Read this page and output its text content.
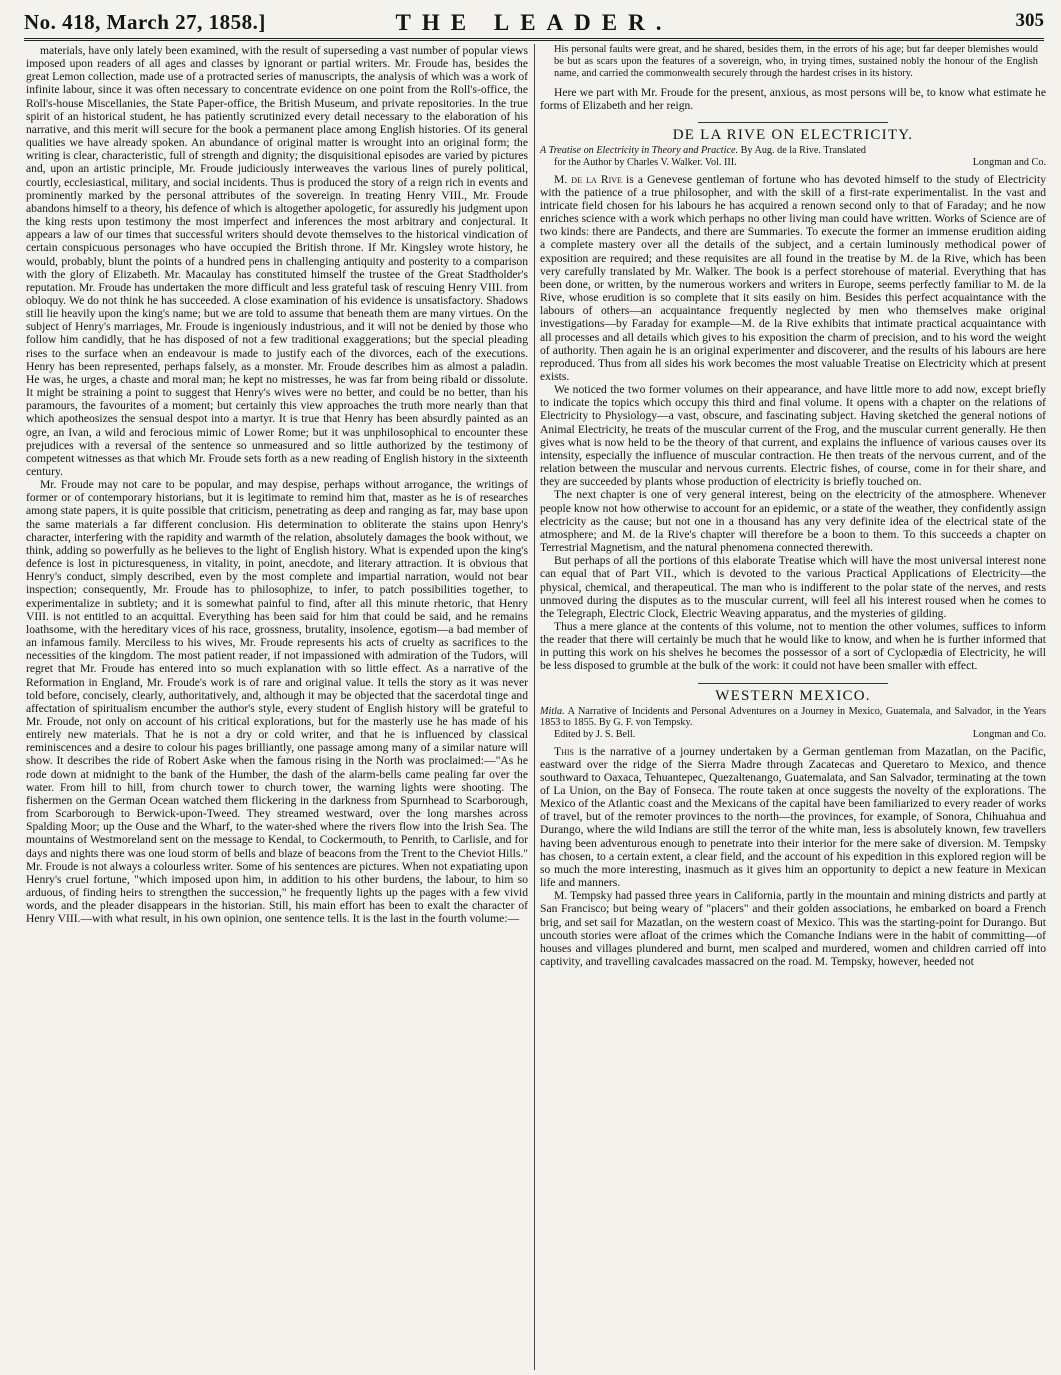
No. 418, March 27, 1858.]	THE LEADER.	305

materials, have only lately been examined, with the result of superseding a vast number of popular views imposed upon readers of all ages and classes by ignorant or partial writers. Mr. Froude has, besides the great Lemon collection, made use of a protracted series of manuscripts, the analysis of which was a work of infinite labour, since it was often necessary to concentrate evidence on one point from the Roll's-office, the Roll's-house Miscellanies, the State Paper-office, the British Museum, and private repositories. In the true spirit of an historical student, he has patiently scrutinized every detail necessary to the elaboration of his narrative, and this merit will secure for the book a permanent place among English histories. Of its general qualities we have already spoken. An abundance of original matter is wrought into an original form; the writing is clear, characteristic, full of strength and dignity; the disquisitional episodes are varied by pictures and, upon an artistic principle, Mr. Froude judiciously interweaves the various lines of purely political, courtly, ecclesiastical, military, and social incidents. Thus is produced the story of a reign rich in events and prominently marked by the personal attributes of the sovereign. In treating Henry VIII., Mr. Froude abandons himself to a theory, his defence of which is altogether apologetic, for assuredly his judgment upon the king rests upon testimony the most imperfect and inferences the most arbitrary and conjectural. It appears a law of our times that successful writers should devote themselves to the historical vindication of certain conspicuous personages who have occupied the British throne. If Mr. Kingsley wrote history, he would, probably, blunt the points of a hundred pens in challenging antiquity and posterity to a comparison with the glory of Elizabeth. Mr. Macaulay has constituted himself the trustee of the Great Stadtholder's reputation. Mr. Froude has undertaken the more difficult and less grateful task of rescuing Henry VIII. from obloquy. We do not think he has succeeded. A close examination of his evidence is unsatisfactory. Shadows still lie heavily upon the king's name; but we are told to assume that beneath them are many virtues. On the subject of Henry's marriages, Mr. Froude is ingeniously industrious, and it will not be denied by those who follow him candidly, that he has disposed of not a few traditional exaggerations; but the special pleading rises to the surface when an endeavour is made to justify each of the divorces, each of the executions. Henry has been represented, perhaps falsely, as a monster. Mr. Froude describes him as almost a paladin. He was, he urges, a chaste and moral man; he kept no mistresses, he was far from being ribald or dissolute. It might be straining a point to suggest that Henry's wives were no better, and could be no better, than his paramours, the favourites of a moment; but certainly this view approaches the truth more nearly than that which apotheosizes the sensual despot into a martyr. It is true that Henry has been absurdly painted as an ogre, an Ivan, a wild and ferocious mimic of Lower Rome; but it was unphilosophical to encounter these prejudices with a reversal of the sentence so unmeasured and so little authorized by the testimony of competent witnesses as that which Mr. Froude sets forth as a new reading of English history in the sixteenth century.

Mr. Froude may not care to be popular, and may despise, perhaps without arrogance, the writings of former or of contemporary historians, but it is legitimate to remind him that, master as he is of researches among state papers, it is quite possible that criticism, penetrating as deep and ranging as far, may base upon the same materials a far different conclusion. His determination to obliterate the stains upon Henry's character, interfering with the rapidity and warmth of the relation, absolutely damages the book without, we think, adding so powerfully as he believes to the light of English history. What is expended upon the king's defence is lost in picturesqueness, in vitality, in point, anecdote, and literary attraction. It is obvious that Henry's conduct, simply described, even by the most complete and impartial narration, would not bear inspection; consequently, Mr. Froude has to philosophize, to infer, to patch possibilities together, to experimentalize in subtlety; and it is somewhat painful to find, after all this minute rhetoric, that Henry VIII. is not entitled to an acquittal. Everything has been said for him that could be said, and he remains loathsome, with the hereditary vices of his race, grossness, brutality, insolence, egotism—a bad member of an infamous family. Merciless to his wives, Mr. Froude represents his acts of cruelty as sacrifices to the necessities of the kingdom. The most patient reader, if not impassioned with admiration of the Tudors, will regret that Mr. Froude has entered into so much explanation with so little effect. As a narrative of the Reformation in England, Mr. Froude's work is of rare and original value. It tells the story as it was never told before, concisely, clearly, authoritatively, and, although it may be objected that the sacerdotal tinge and affectation of spiritualism encumber the author's style, every student of English history will be grateful to Mr. Froude, not only on account of his critical explorations, but for the masterly use he has made of his entirely new materials. That he is not a dry or cold writer, and that he is influenced by classical reminiscences and a desire to colour his pages brilliantly, one passage among many of a similar nature will show. It describes the ride of Robert Aske when the famous rising in the North was proclaimed:—"As he rode down at midnight to the bank of the Humber, the dash of the alarm-bells came pealing far over the water. From hill to hill, from church tower to church tower, the warning lights were shooting. The fishermen on the German Ocean watched them flickering in the darkness from Spurnhead to Scarborough, from Scarborough to Berwick-upon-Tweed. They streamed westward, over the long marshes across Spalding Moor; up the Ouse and the Wharf, to the water-shed where the rivers flow into the Irish Sea. The mountains of Westmoreland sent on the message to Kendal, to Cockermouth, to Penrith, to Carlisle, and for days and nights there was one loud storm of bells and blaze of beacons from the Trent to the Cheviot Hills." Mr. Froude is not always a colourless writer. Some of his sentences are pictures. When not expatiating upon Henry's cruel fortune, "which imposed upon him, in addition to his other burdens, the labour, to him so arduous, of finding heirs to strengthen the succession," he frequently lights up the pages with a few vivid words, and the pleader disappears in the historian. Still, his main effort has been to exalt the character of Henry VIII.—with what result, in his own opinion, one sentence tells. It is the last in the fourth volume:—

His personal faults were great, and he shared, besides them, in the errors of his age; but far deeper blemishes would be but as scars upon the features of a sovereign, who, in trying times, sustained nobly the honour of the English name, and carried the commonwealth securely through the hardest crises in its history.

Here we part with Mr. Froude for the present, anxious, as most persons will be, to know what estimate he forms of Elizabeth and her reign.

DE LA RIVE ON ELECTRICITY.

A Treatise on Electricity in Theory and Practice. By Aug. de la Rive. Translated
for the Author by Charles V. Walker. Vol. III.	Longman and Co.

M. de la Rive is a Genevese gentleman of fortune who has devoted himself to the study of Electricity with the patience of a true philosopher, and with the skill of a first-rate experimentalist. In the vast and intricate field chosen for his labours he has acquired a renown second only to that of Faraday; and he now enriches science with a work which perhaps no other living man could have written. Works of Science are of two kinds: there are Pandects, and there are Summaries. To execute the former an immense erudition aiding a complete mastery over all the details of the subject, and a certain luminously methodical power of exposition are required; and these requisites are all found in the treatise by M. de la Rive, which has been very carefully translated by Mr. Walker. The book is a perfect storehouse of material. Everything that has been done, or written, by the numerous workers and writers in Europe, seems perfectly familiar to M. de la Rive, whose erudition is so complete that it sits easily on him. Besides this perfect acquaintance with the labours of others—an acquaintance frequently neglected by men who themselves make original investigations—by Faraday for example—M. de la Rive exhibits that intimate practical acquaintance with all processes and all details which gives to his exposition the charm of precision, and to his word the weight of authority. Then again he is an original experimenter and discoverer, and the results of his labours are here reproduced. Thus from all sides his work becomes the most valuable Treatise on Electricity which at present exists.

We noticed the two former volumes on their appearance, and have little more to add now, except briefly to indicate the topics which occupy this third and final volume. It opens with a chapter on the relations of Electricity to Physiology—a vast, obscure, and fascinating subject. Having sketched the general notions of Animal Electricity, he treats of the muscular current of the Frog, and the muscular current generally. He then gives what is now held to be the theory of that current, and explains the influence of various causes over its intensity, especially the influence of muscular contraction. He then treats of the nervous current, and of the relation between the muscular and nervous currents. Electric fishes, of course, come in for their share, and they are succeeded by plants whose production of electricity is briefly touched on.

The next chapter is one of very general interest, being on the electricity of the atmosphere. Whenever people know not how otherwise to account for an epidemic, or a state of the weather, they confidently assign electricity as the cause; but not one in a thousand has any very definite idea of the electrical state of the atmosphere; and M. de la Rive's chapter will therefore be a boon to them. To this succeeds a chapter on Terrestrial Magnetism, and the natural phenomena connected therewith.

But perhaps of all the portions of this elaborate Treatise which will have the most universal interest none can equal that of Part VII., which is devoted to the various Practical Applications of Electricity—the physical, chemical, and therapeutical. The man who is indifferent to the polar state of the nerves, and rests unmoved during the disputes as to the muscular current, will feel all his interest roused when he comes to the Telegraph, Electric Clock, Electric Weaving apparatus, and the mysteries of gilding.

Thus a mere glance at the contents of this volume, not to mention the other volumes, suffices to inform the reader that there will certainly be much that he would like to know, and when he is further informed that in putting this work on his shelves he becomes the possessor of a sort of Cyclopædia of Electricity, he will be less disposed to grumble at the bulk of the work: it could not have been smaller with effect.

WESTERN MEXICO.

Mitla. A Narrative of Incidents and Personal Adventures on a Journey in Mexico, Guatemala, and Salvador, in the Years 1853 to 1855. By G. F. von Tempsky.
Edited by J. S. Bell.	Longman and Co.

This is the narrative of a journey undertaken by a German gentleman from Mazatlan, on the Pacific, eastward over the ridge of the Sierra Madre through Zacatecas and Queretaro to Mexico, and thence southward to Oaxaca, Tehuantepec, Quezaltenango, Guatemalata, and San Salvador, terminating at the town of La Union, on the Bay of Fonseca. The route taken at once suggests the novelty of the explorations. The Mexico of the Atlantic coast and the Mexicans of the capital have been familiarized to every reader of works of travel, but of the remoter provinces to the north—the provinces, for example, of Sonora, Chihuahua and Durango, where the wild Indians are still the terror of the white man, less is absolutely known, few travellers having been adventurous enough to penetrate into their interior for the mere sake of diversion. M. Tempsky has chosen, to a certain extent, a clear field, and the account of his expedition in this explored region will be so much the more interesting, inasmuch as it gives him an opportunity to depict a new feature in Mexican life and manners.

M. Tempsky had passed three years in California, partly in the mountain and mining districts and partly at San Francisco; but being weary of "placers" and their golden associations, he embarked on board a French brig, and set sail for Mazatlan, on the western coast of Mexico. This was the starting-point for Durango. But uncouth stories were afloat of the crimes which the Comanche Indians were in the habit of committing—of houses and villages plundered and burnt, men scalped and murdered, women and children carried off into captivity, and travelling cavalcades massacred on the road. M. Tempsky, however, heeded not
